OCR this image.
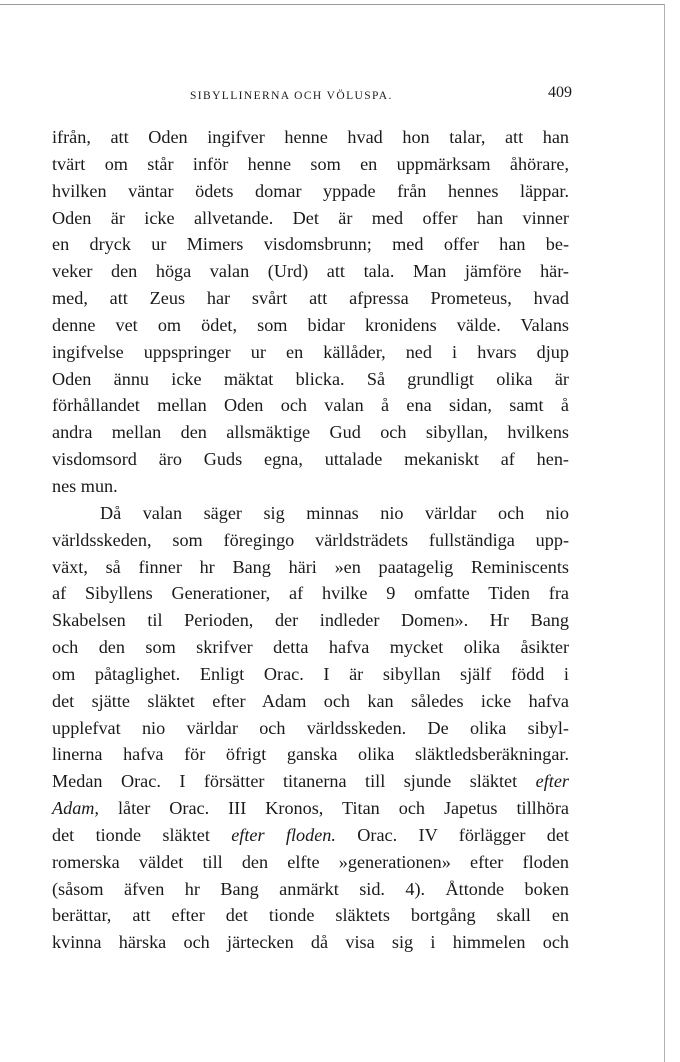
SIBYLLINERNA OCH VÖLUSPA.	409
ifrån, att Oden ingifver henne hvad hon talar, att han
tvärt om står inför henne som en uppmärksam åhörare,
hvilken väntar ödets domar yppade från hennes läppar.
Oden är icke allvetande. Det är med offer han vinner
en dryck ur Mimers visdomsbrunn; med offer han be-
veker den höga valan (Urd) att tala. Man jämföre här-
med, att Zeus har svårt att afpressa Prometeus, hvad
denne vet om ödet, som bidar kronidens välde. Valans
ingifvelse uppspringer ur en källåder, ned i hvars djup
Oden ännu icke mäktat blicka. Så grundligt olika är
förhållandet mellan Oden och valan å ena sidan, samt å
andra mellan den allsmäktige Gud och sibyllan, hvilkens
visdomsord äro Guds egna, uttalade mekaniskt af hen-
nes mun.
Då valan säger sig minnas nio världar och nio
världsskeden, som föregingo världsträdets fullständiga upp-
växt, så finner hr Bang häri »en paatagelig Reminiscents
af Sibyllens Generationer, af hvilke 9 omfatte Tiden fra
Skabelsen til Perioden, der indleder Domen». Hr Bang
och den som skrifver detta hafva mycket olika åsikter
om påtaglighet. Enligt Orac. I är sibyllan själf född i
det sjätte släktet efter Adam och kan således icke hafva
upplefvat nio världar och världsskeden. De olika sibyl-
linerna hafva för öfrigt ganska olika släktledsberäkningar.
Medan Orac. I försätter titanerna till sjunde släktet efter
Adam, låter Orac. III Kronos, Titan och Japetus tillhöra
det tionde släktet efter floden. Orac. IV förlägger det
romerska väldet till den elfte »generationen» efter floden
(såsom äfven hr Bang anmärkt sid. 4). Åttonde boken
berättar, att efter det tionde släktets bortgång skall en
kvinna härska och järtecken då visa sig i himmelen och
